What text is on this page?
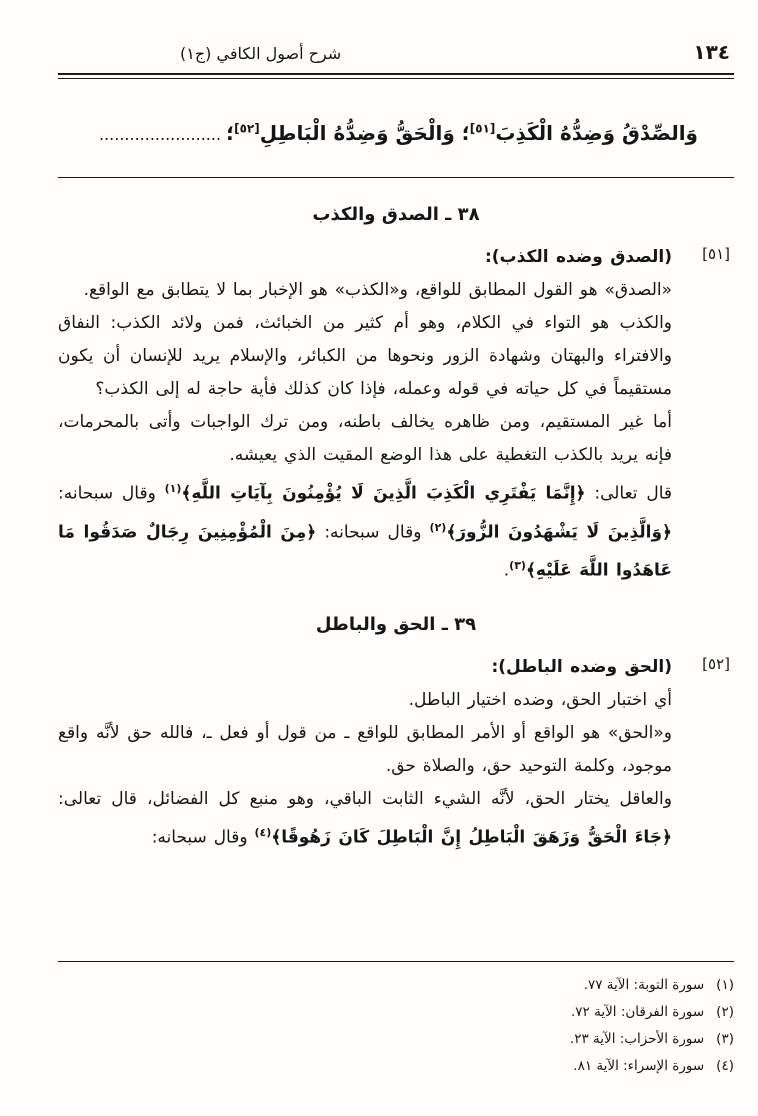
١٣٤
شرح أصول الكافي (ج١)
وَالصِّدْقُ وَضِدُّهُ الْكَذِبَ[٥١]؛ وَالْحَقُّ وَضِدُّهُ الْبَاطِلِ[٥٢]؛ ........................
٣٨ ـ الصدق والكذب
[٥١]

(الصدق وضده الكذب):

«الصدق» هو القول المطابق للواقع، و«الكذب» هو الإخبار بما لا يتطابق مع الواقع.

والكذب هو التواء في الكلام، وهو أم كثير من الخبائث، فمن ولائد الكذب: النفاق والافتراء والبهتان وشهادة الزور ونحوها من الكبائر، والإسلام يريد للإنسان أن يكون مستقيماً في كل حياته في قوله وعمله، فإذا كان كذلك فأية حاجة له إلى الكذب؟

أما غير المستقيم، ومن ظاهره يخالف باطنه، ومن ترك الواجبات وأتى بالمحرمات، فإنه يريد بالكذب التغطية على هذا الوضع المقيت الذي يعيشه.

قال تعالى: ﴿إِنَّمَا يَفْتَرِي الْكَذِبَ الَّذِينَ لَا يُؤْمِنُونَ بِآيَاتِ اللَّهِ﴾$^{(١)}$ وقال سبحانه: ﴿وَالَّذِينَ لَا يَشْهَدُونَ الزُّورَ﴾$^{(٢)}$ وقال سبحانه: ﴿مِنَ الْمُؤْمِنِينَ رِجَالٌ صَدَقُوا مَا عَاهَدُوا اللَّهَ عَلَيْهِ﴾$^{(٣)}$.

٣٩ ـ الحق والباطل
[٥٢]

(الحق وضده الباطل):

أي اختبار الحق، وضده اختيار الباطل.

و«الحق» هو الواقع أو الأمر المطابق للواقع ـ من قول أو فعل ـ، فالله حق لأنَّه واقع موجود، وكلمة التوحيد حق، والصلاة حق.

والعاقل يختار الحق، لأنَّه الشيء الثابت الباقي، وهو منبع كل الفضائل، قال تعالى: ﴿جَاءَ الْحَقُّ وَزَهَقَ الْبَاطِلُ إِنَّ الْبَاطِلَ كَانَ زَهُوقًا﴾$^{(٤)}$ وقال سبحانه:

(١)
سورة التوبة: الآية ٧٧.
(٢)
سورة الفرقان: الآية ٧٢.
(٣)
سورة الأحزاب: الآية ٢٣.
(٤)
سورة الإسراء: الآية ٨١.
